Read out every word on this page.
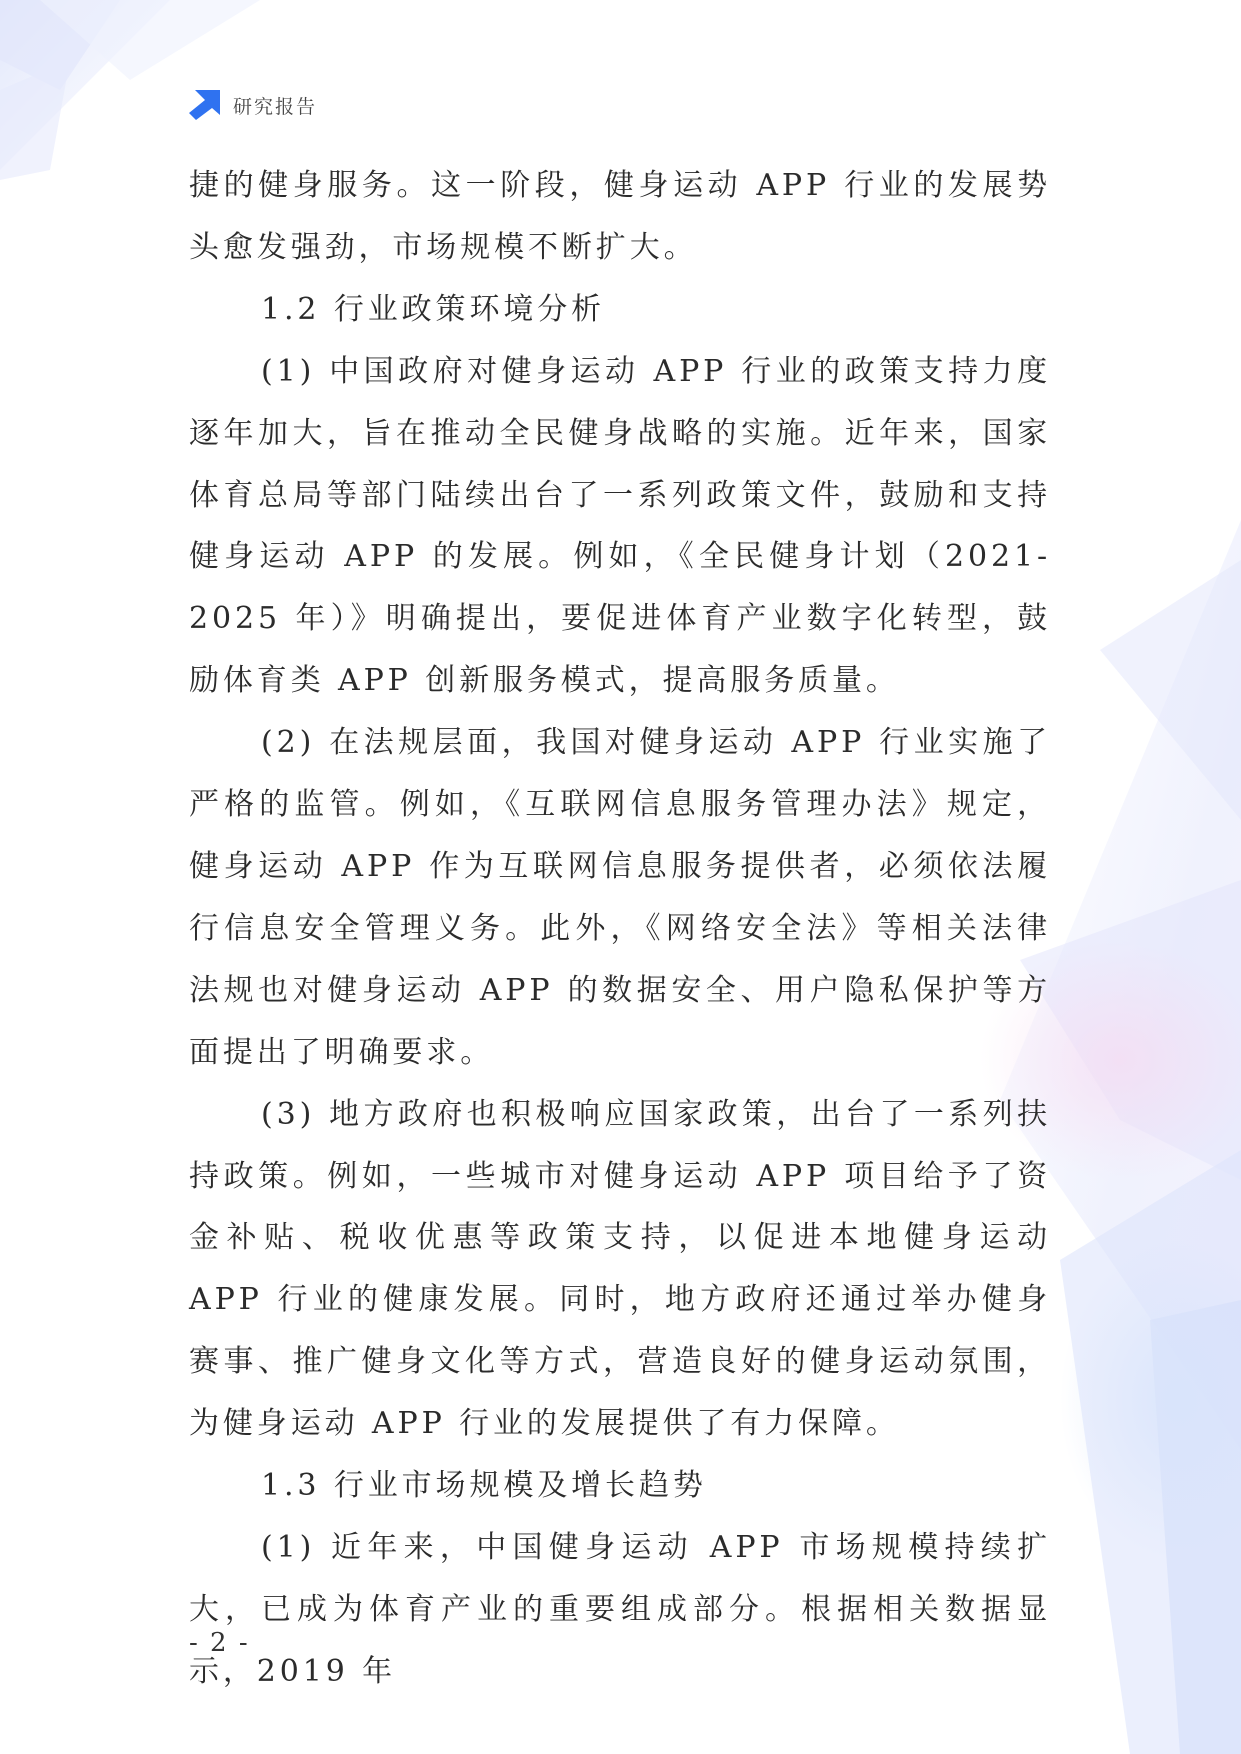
研究报告

捷的健身服务。这一阶段，健身运动 APP 行业的发展势头愈发强劲，市场规模不断扩大。

1.2 行业政策环境分析

(1) 中国政府对健身运动 APP 行业的政策支持力度逐年加大，旨在推动全民健身战略的实施。近年来，国家体育总局等部门陆续出台了一系列政策文件，鼓励和支持健身运动 APP 的发展。例如，《全民健身计划（2021-2025 年）》明确提出，要促进体育产业数字化转型，鼓励体育类 APP 创新服务模式，提高服务质量。

(2) 在法规层面，我国对健身运动 APP 行业实施了严格的监管。例如，《互联网信息服务管理办法》规定，健身运动 APP 作为互联网信息服务提供者，必须依法履行信息安全管理义务。此外，《网络安全法》等相关法律法规也对健身运动 APP 的数据安全、用户隐私保护等方面提出了明确要求。

(3) 地方政府也积极响应国家政策，出台了一系列扶持政策。例如，一些城市对健身运动 APP 项目给予了资金补贴、税收优惠等政策支持，以促进本地健身运动 APP 行业的健康发展。同时，地方政府还通过举办健身赛事、推广健身文化等方式，营造良好的健身运动氛围，为健身运动 APP 行业的发展提供了有力保障。

1.3 行业市场规模及增长趋势

(1) 近年来，中国健身运动 APP 市场规模持续扩大，已成为体育产业的重要组成部分。根据相关数据显示，2019 年

- 2 -
